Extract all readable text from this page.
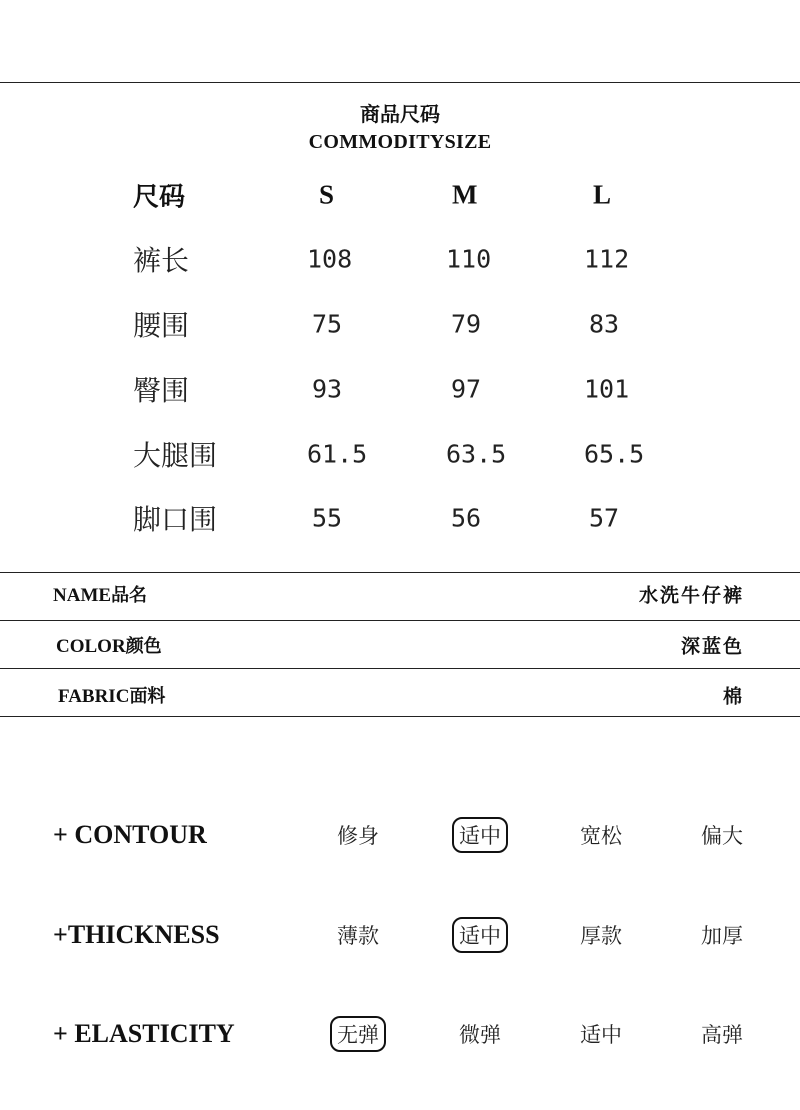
商品尺码
COMMODITYSIZE
尺码	S	M	L
裤长	108	110	112
腰围	75	79	83
臀围	93	97	101
大腿围	61.5	63.5	65.5
脚口围	55	56	57
NAME品名	水洗牛仔裤
COLOR颜色	深蓝色
FABRIC面料	棉
+ CONTOUR	修身	适中	宽松	偏大
+THICKNESS	薄款	适中	厚款	加厚
+ ELASTICITY	无弹	微弹	适中	高弹
